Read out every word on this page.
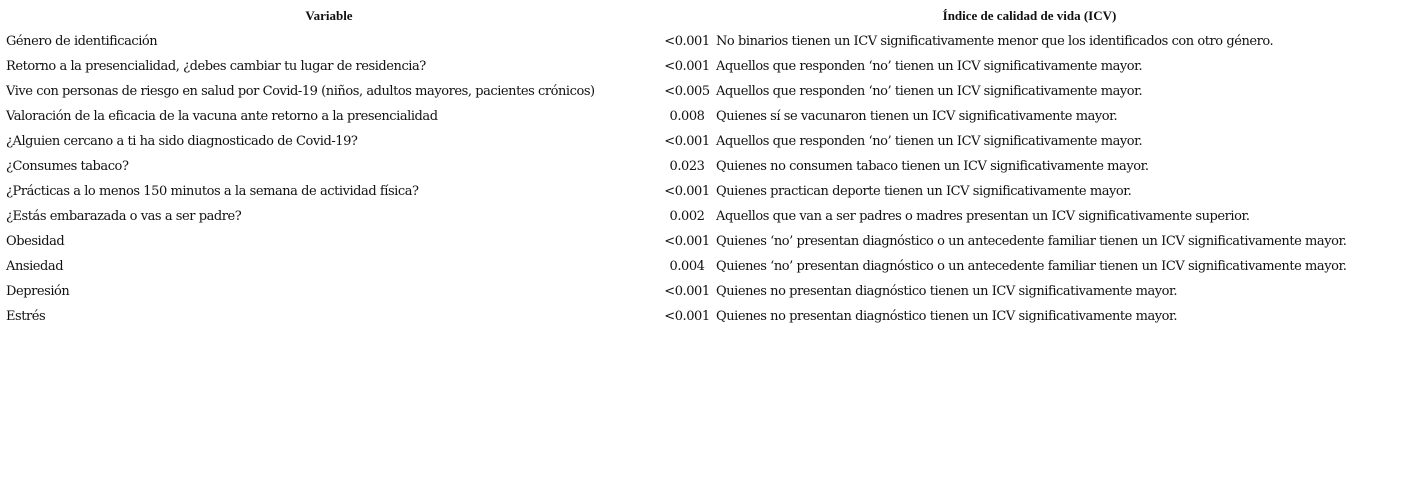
Variable	Índice de calidad de vida (ICV)
Género de identificación	<0.001	No binarios tienen un ICV significativamente menor que los identificados con otro género.
Retorno a la presencialidad, ¿debes cambiar tu lugar de residencia?	<0.001	Aquellos que responden ‘no’ tienen un ICV significativamente mayor.
Vive con personas de riesgo en salud por Covid-19 (niños, adultos mayores, pacientes crónicos)	<0.005	Aquellos que responden ‘no’ tienen un ICV significativamente mayor.
Valoración de la eficacia de la vacuna ante retorno a la presencialidad	0.008	Quienes sí se vacunaron tienen un ICV significativamente mayor.
¿Alguien cercano a ti ha sido diagnosticado de Covid-19?	<0.001	Aquellos que responden ‘no’ tienen un ICV significativamente mayor.
¿Consumes tabaco?	0.023	Quienes no consumen tabaco tienen un ICV significativamente mayor.
¿Prácticas a lo menos 150 minutos a la semana de actividad física?	<0.001	Quienes practican deporte tienen un ICV significativamente mayor.
¿Estás embarazada o vas a ser padre?	0.002	Aquellos que van a ser padres o madres presentan un ICV significativamente superior.
Obesidad	<0.001	Quienes ‘no’ presentan diagnóstico o un antecedente familiar tienen un ICV significativamente mayor.
Ansiedad	0.004	Quienes ‘no’ presentan diagnóstico o un antecedente familiar tienen un ICV significativamente mayor.
Depresión	<0.001	Quienes no presentan diagnóstico tienen un ICV significativamente mayor.
Estrés	<0.001	Quienes no presentan diagnóstico tienen un ICV significativamente mayor.
